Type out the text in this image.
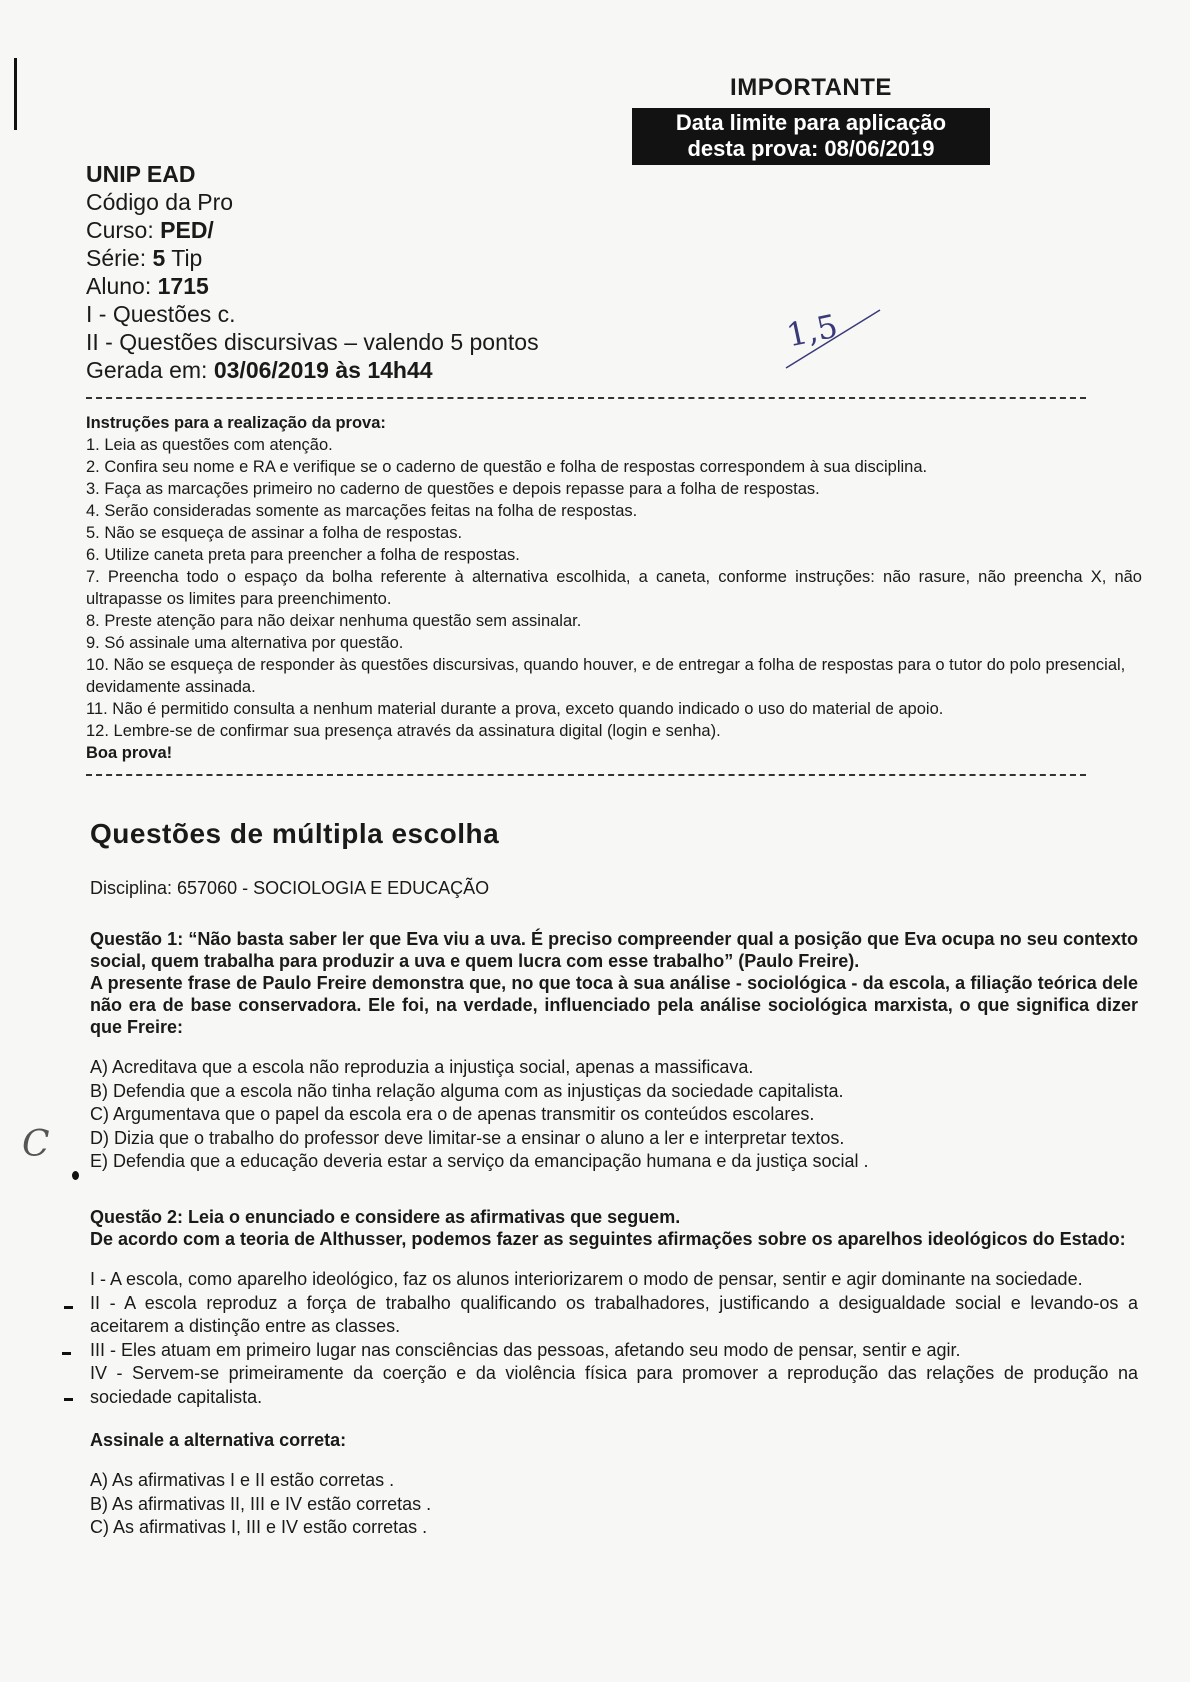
IMPORTANTE
Data limite para aplicação
desta prova: 08/06/2019
UNIP EAD
Código da Pro
Curso: PED/
Série: 5 Tip
Aluno: 1715
I - Questões c.
II - Questões discursivas – valendo 5 pontos
Gerada em: 03/06/2019 às 14h44
1,5

Instruções para a realização da prova:

1. Leia as questões com atenção.

2. Confira seu nome e RA e verifique se o caderno de questão e folha de respostas correspondem à sua disciplina.

3. Faça as marcações primeiro no caderno de questões e depois repasse para a folha de respostas.

4. Serão consideradas somente as marcações feitas na folha de respostas.

5. Não se esqueça de assinar a folha de respostas.

6. Utilize caneta preta para preencher a folha de respostas.

7. Preencha todo o espaço da bolha referente à alternativa escolhida, a caneta, conforme instruções: não rasure, não preencha X, não ultrapasse os limites para preenchimento.

8. Preste atenção para não deixar nenhuma questão sem assinalar.

9. Só assinale uma alternativa por questão.

10. Não se esqueça de responder às questões discursivas, quando houver, e de entregar a folha de respostas para o tutor do polo presencial, devidamente assinada.

11. Não é permitido consulta a nenhum material durante a prova, exceto quando indicado o uso do material de apoio.

12. Lembre-se de confirmar sua presença através da assinatura digital (login e senha).

Boa prova!

Questões de múltipla escolha
Disciplina: 657060 - SOCIOLOGIA E EDUCAÇÃO

Questão 1: “Não basta saber ler que Eva viu a uva. É preciso compreender qual a posição que Eva ocupa no seu contexto social, quem trabalha para produzir a uva e quem lucra com esse trabalho” (Paulo Freire).

A presente frase de Paulo Freire demonstra que, no que toca à sua análise - sociológica - da escola, a filiação teórica dele não era de base conservadora. Ele foi, na verdade, influenciado pela análise sociológica marxista, o que significa dizer que Freire:

A) Acreditava que a escola não reproduzia a injustiça social, apenas a massificava.

B) Defendia que a escola não tinha relação alguma com as injustiças da sociedade capitalista.

C) Argumentava que o papel da escola era o de apenas transmitir os conteúdos escolares.

D) Dizia que o trabalho do professor deve limitar-se a ensinar o aluno a ler e interpretar textos.

E) Defendia que a educação deveria estar a serviço da emancipação humana e da justiça social .

C

Questão 2: Leia o enunciado e considere as afirmativas que seguem.

De acordo com a teoria de Althusser, podemos fazer as seguintes afirmações sobre os aparelhos ideológicos do Estado:

I - A escola, como aparelho ideológico, faz os alunos interiorizarem o modo de pensar, sentir e agir dominante na sociedade.

II - A escola reproduz a força de trabalho qualificando os trabalhadores, justificando a desigualdade social e levando-os a aceitarem a distinção entre as classes.

III - Eles atuam em primeiro lugar nas consciências das pessoas, afetando seu modo de pensar, sentir e agir.

IV - Servem-se primeiramente da coerção e da violência física para promover a reprodução das relações de produção na sociedade capitalista.

Assinale a alternativa correta:

A) As afirmativas I e II estão corretas .

B) As afirmativas II, III e IV estão corretas .

C) As afirmativas I, III e IV estão corretas .
